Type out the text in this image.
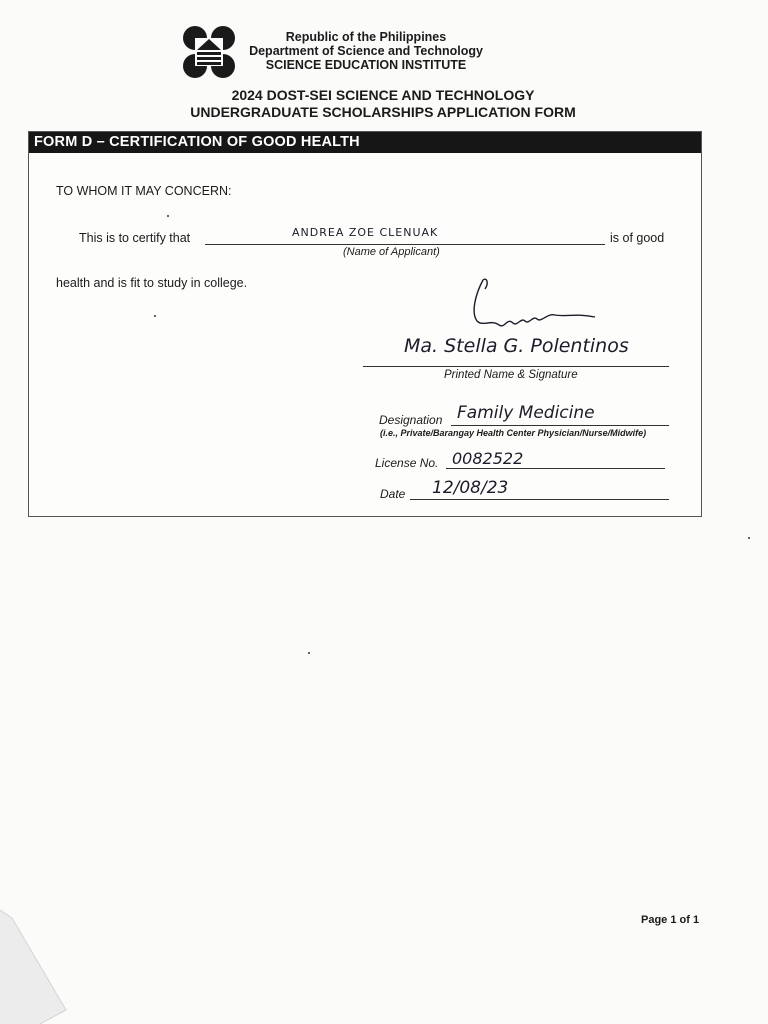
Republic of the Philippines
Department of Science and Technology
SCIENCE EDUCATION INSTITUTE
2024 DOST-SEI SCIENCE AND TECHNOLOGY
UNDERGRADUATE SCHOLARSHIPS APPLICATION FORM
FORM D – CERTIFICATION OF GOOD HEALTH
TO WHOM IT MAY CONCERN:
This is to certify that	ANDREA ZOE CLENUAK	is of good
(Name of Applicant)
health and is fit to study in college.
Ma. Stella G. Polentinos
Printed Name & Signature
Designation Family Medicine
(i.e., Private/Barangay Health Center Physician/Nurse/Midwife)
License No. 0082522
Date 12/08/23
Page 1 of 1
